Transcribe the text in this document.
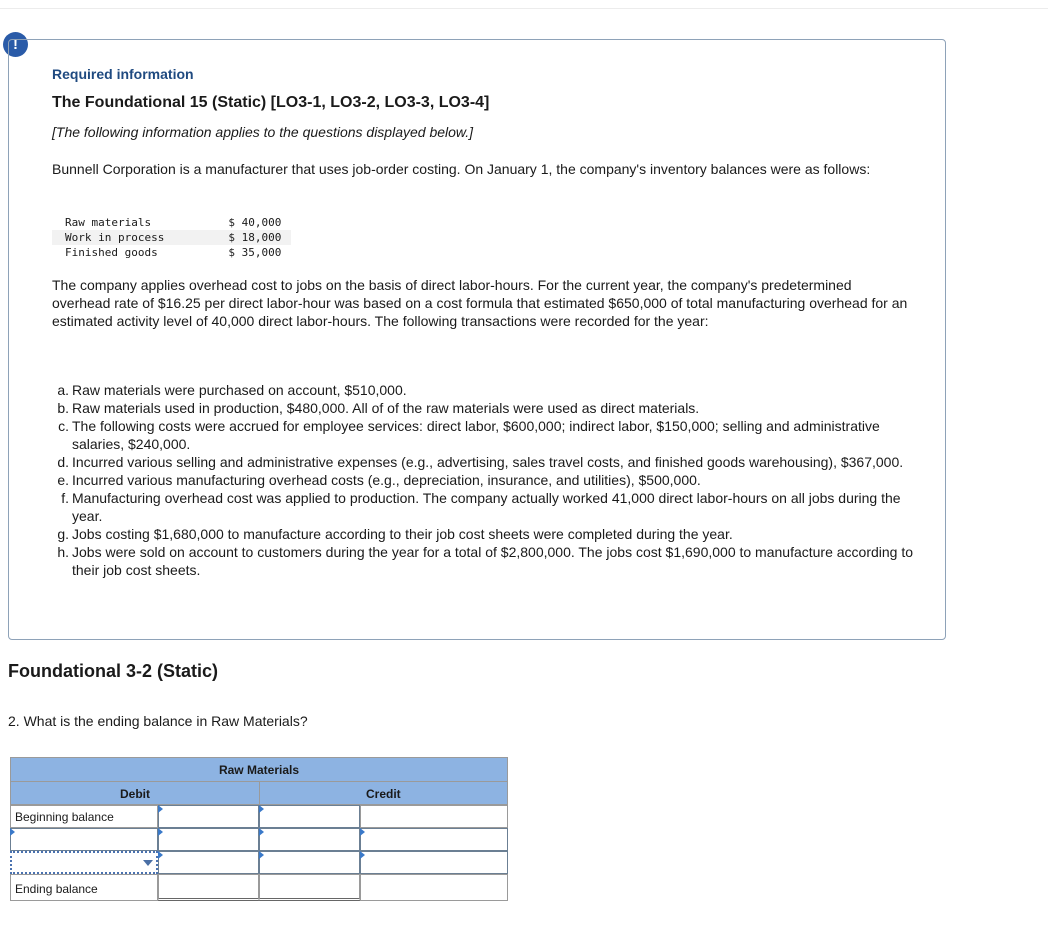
!
Required information
The Foundational 15 (Static) [LO3-1, LO3-2, LO3-3, LO3-4]
[The following information applies to the questions displayed below.]
Bunnell Corporation is a manufacturer that uses job-order costing. On January 1, the company's inventory balances were as follows:
Raw materials	$ 40,000
Work in process	$ 18,000
Finished goods	$ 35,000
The company applies overhead cost to jobs on the basis of direct labor-hours. For the current year, the company's predetermined overhead rate of $16.25 per direct labor-hour was based on a cost formula that estimated $650,000 of total manufacturing overhead for an estimated activity level of 40,000 direct labor-hours. The following transactions were recorded for the year:
a. Raw materials were purchased on account, $510,000.
b. Raw materials used in production, $480,000. All of of the raw materials were used as direct materials.
c. The following costs were accrued for employee services: direct labor, $600,000; indirect labor, $150,000; selling and administrative salaries, $240,000.
d. Incurred various selling and administrative expenses (e.g., advertising, sales travel costs, and finished goods warehousing), $367,000.
e. Incurred various manufacturing overhead costs (e.g., depreciation, insurance, and utilities), $500,000.
f. Manufacturing overhead cost was applied to production. The company actually worked 41,000 direct labor-hours on all jobs during the year.
g. Jobs costing $1,680,000 to manufacture according to their job cost sheets were completed during the year.
h. Jobs were sold on account to customers during the year for a total of $2,800,000. The jobs cost $1,690,000 to manufacture according to their job cost sheets.
Foundational 3-2 (Static)
2. What is the ending balance in Raw Materials?
Raw Materials
Debit	Credit
Beginning balance
Ending balance
